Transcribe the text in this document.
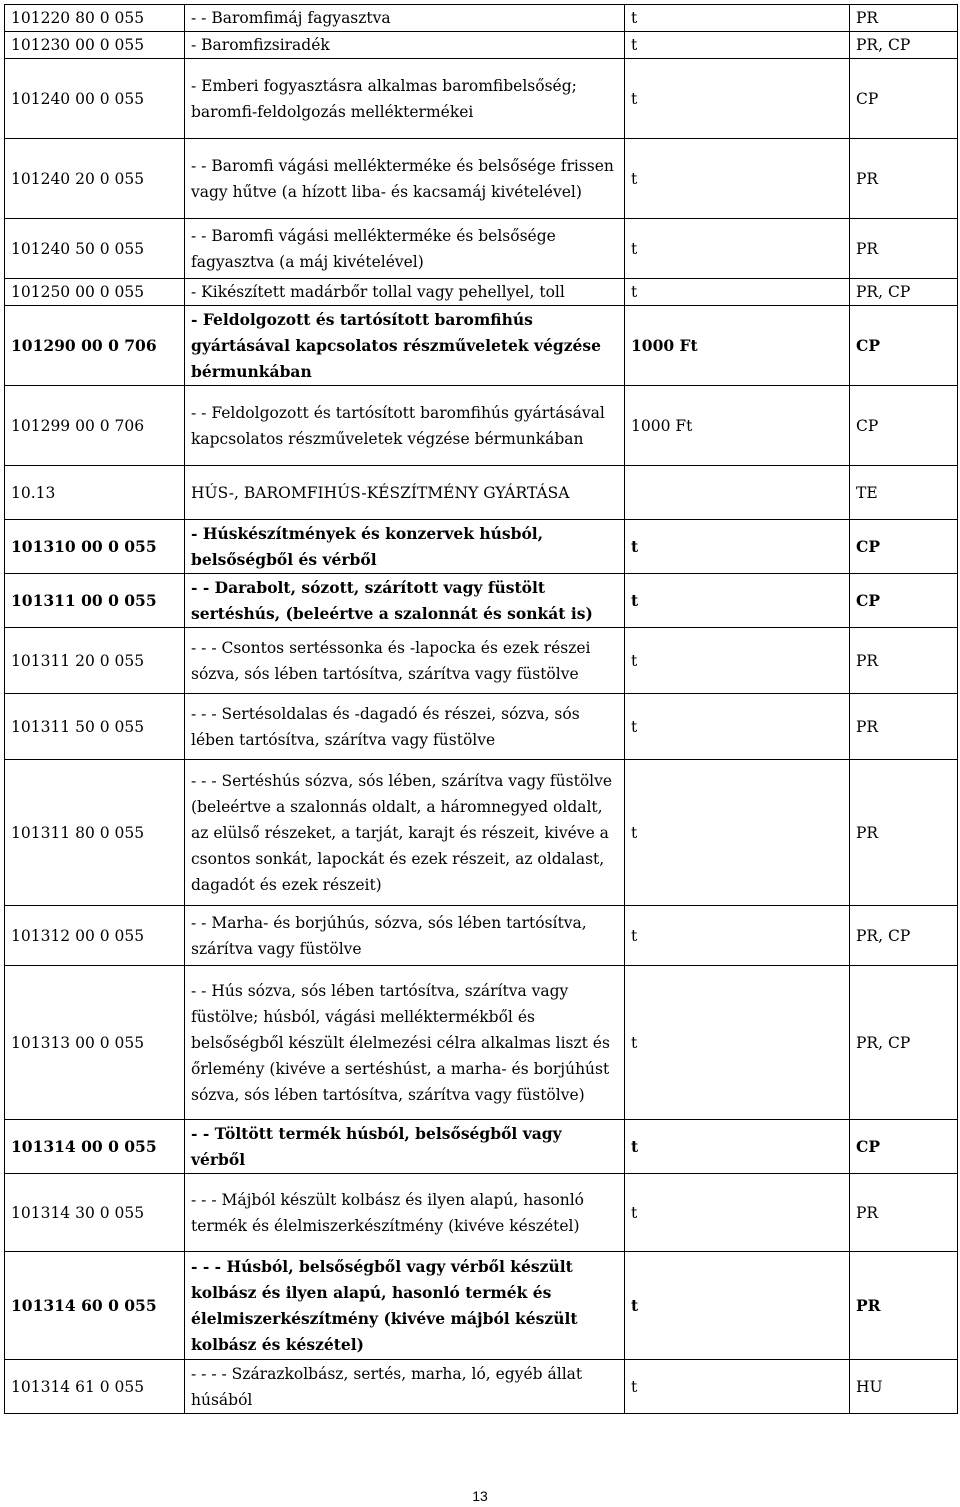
101220 80 0 055	- - Baromfimáj fagyasztva	t	PR
101230 00 0 055	- Baromfizsiradék	t	PR, CP
101240 00 0 055	- Emberi fogyasztásra alkalmas baromfibelsőség; baromfi-feldolgozás melléktermékei	t	CP
101240 20 0 055	- - Baromfi vágási mellékterméke és belsősége frissen vagy hűtve (a hízott liba- és kacsamáj kivételével)	t	PR
101240 50 0 055	- - Baromfi vágási mellékterméke és belsősége fagyasztva (a máj kivételével)	t	PR
101250 00 0 055	- Kikészített madárbőr tollal vagy pehellyel, toll	t	PR, CP
101290 00 0 706	- Feldolgozott és tartósított baromfihús gyártásával kapcsolatos részműveletek végzése bérmunkában	1000 Ft	CP
101299 00 0 706	- - Feldolgozott és tartósított baromfihús gyártásával kapcsolatos részműveletek végzése bérmunkában	1000 Ft	CP
10.13	HÚS-, BAROMFIHÚS-KÉSZÍTMÉNY GYÁRTÁSA		TE
101310 00 0 055	- Húskészítmények és konzervek húsból, belsőségből és vérből	t	CP
101311 00 0 055	- - Darabolt, sózott, szárított vagy füstölt sertéshús, (beleértve a szalonnát és sonkát is)	t	CP
101311 20 0 055	- - - Csontos sertéssonka és -lapocka és ezek részei sózva, sós lében tartósítva, szárítva vagy füstölve	t	PR
101311 50 0 055	- - - Sertésoldalas és -dagadó és részei, sózva, sós lében tartósítva, szárítva vagy füstölve	t	PR
101311 80 0 055	- - - Sertéshús sózva, sós lében, szárítva vagy füstölve (beleértve a szalonnás oldalt, a háromnegyed oldalt, az elülső részeket, a tarját, karajt és részeit, kivéve a csontos sonkát, lapockát és ezek részeit, az oldalast, dagadót és ezek részeit)	t	PR
101312 00 0 055	- - Marha- és borjúhús, sózva, sós lében tartósítva, szárítva vagy füstölve	t	PR, CP
101313 00 0 055	- - Hús sózva, sós lében tartósítva, szárítva vagy füstölve; húsból, vágási melléktermékből és belsőségből készült élelmezési célra alkalmas liszt és őrlemény (kivéve a sertéshúst, a marha- és borjúhúst sózva, sós lében tartósítva, szárítva vagy füstölve)	t	PR, CP
101314 00 0 055	- - Töltött termék húsból, belsőségből vagy vérből	t	CP
101314 30 0 055	- - - Májból készült kolbász és ilyen alapú, hasonló termék és élelmiszerkészítmény (kivéve készétel)	t	PR
101314 60 0 055	- - - Húsból, belsőségből vagy vérből készült kolbász és ilyen alapú, hasonló termék és élelmiszerkészítmény (kivéve májból készült kolbász és készétel)	t	PR
101314 61 0 055	- - - - Szárazkolbász, sertés, marha, ló, egyéb állat húsából	t	HU
13
